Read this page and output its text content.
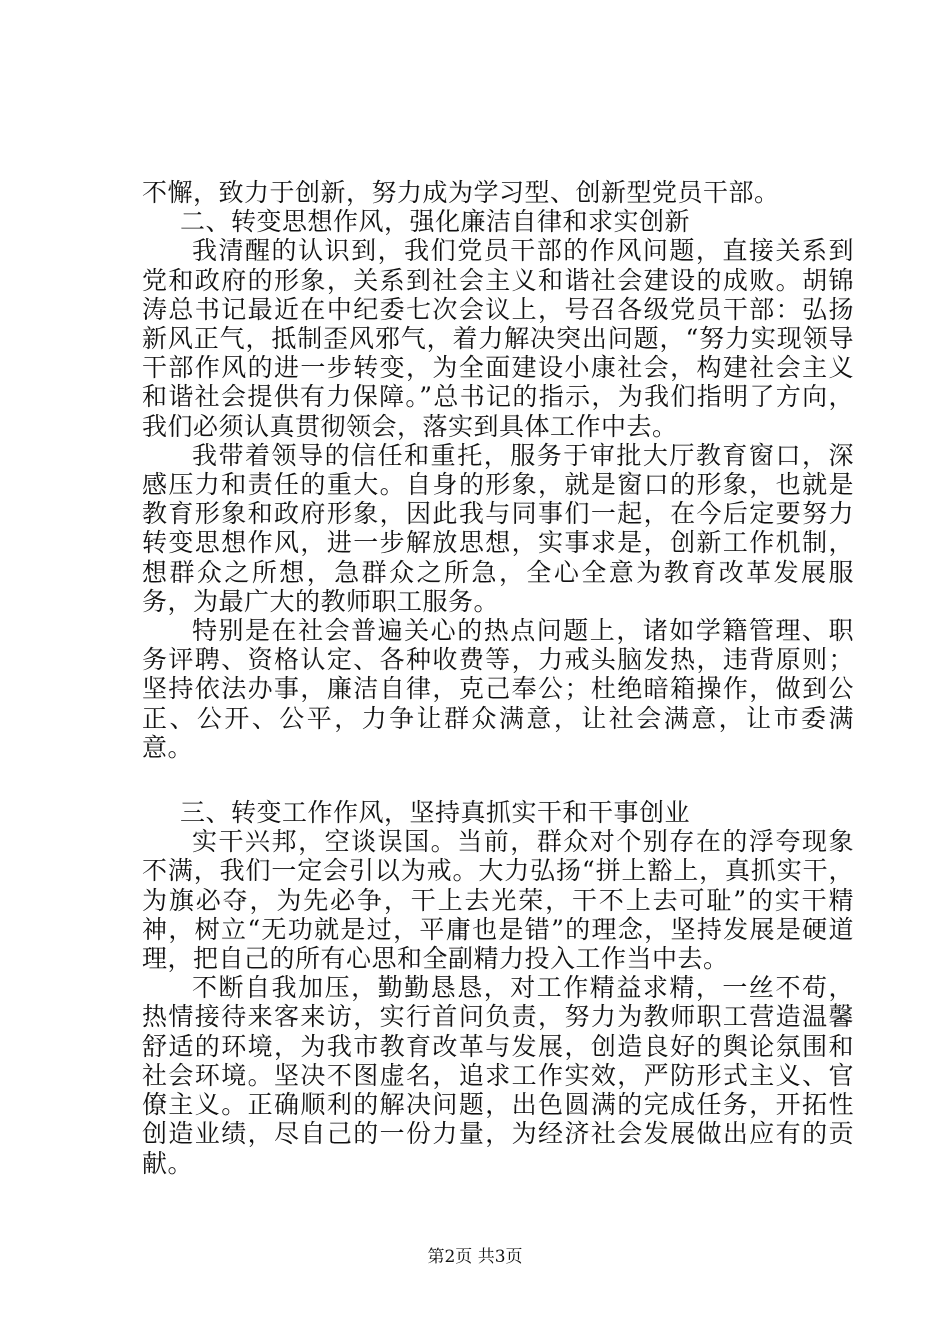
不懈，致力于创新，努力成为学习型、创新型党员干部。

二、转变思想作风，强化廉洁自律和求实创新

我清醒的认识到，我们党员干部的作风问题，直接关系到党和政府的形象，关系到社会主义和谐社会建设的成败。胡锦涛总书记最近在中纪委七次会议上，号召各级党员干部：弘扬新风正气，抵制歪风邪气，着力解决突出问题，“努力实现领导干部作风的进一步转变，为全面建设小康社会，构建社会主义和谐社会提供有力保障。”总书记的指示，为我们指明了方向，我们必须认真贯彻领会，落实到具体工作中去。

我带着领导的信任和重托，服务于审批大厅教育窗口，深感压力和责任的重大。自身的形象，就是窗口的形象，也就是教育形象和政府形象，因此我与同事们一起，在今后定要努力转变思想作风，进一步解放思想，实事求是，创新工作机制，想群众之所想，急群众之所急，全心全意为教育改革发展服务，为最广大的教师职工服务。

特别是在社会普遍关心的热点问题上，诸如学籍管理、职务评聘、资格认定、各种收费等，力戒头脑发热，违背原则；坚持依法办事，廉洁自律，克己奉公；杜绝暗箱操作，做到公正、公开、公平，力争让群众满意，让社会满意，让市委满意。

三、转变工作作风，坚持真抓实干和干事创业

实干兴邦，空谈误国。当前，群众对个别存在的浮夸现象不满，我们一定会引以为戒。大力弘扬“拼上豁上，真抓实干，为旗必夺，为先必争，干上去光荣，干不上去可耻”的实干精神，树立“无功就是过，平庸也是错”的理念，坚持发展是硬道理，把自己的所有心思和全副精力投入工作当中去。

不断自我加压，勤勤恳恳，对工作精益求精，一丝不苟，热情接待来客来访，实行首问负责，努力为教师职工营造温馨舒适的环境，为我市教育改革与发展，创造良好的舆论氛围和社会环境。坚决不图虚名，追求工作实效，严防形式主义、官僚主义。正确顺利的解决问题，出色圆满的完成任务，开拓性创造业绩，尽自己的一份力量，为经济社会发展做出应有的贡献。

第2页 共3页
